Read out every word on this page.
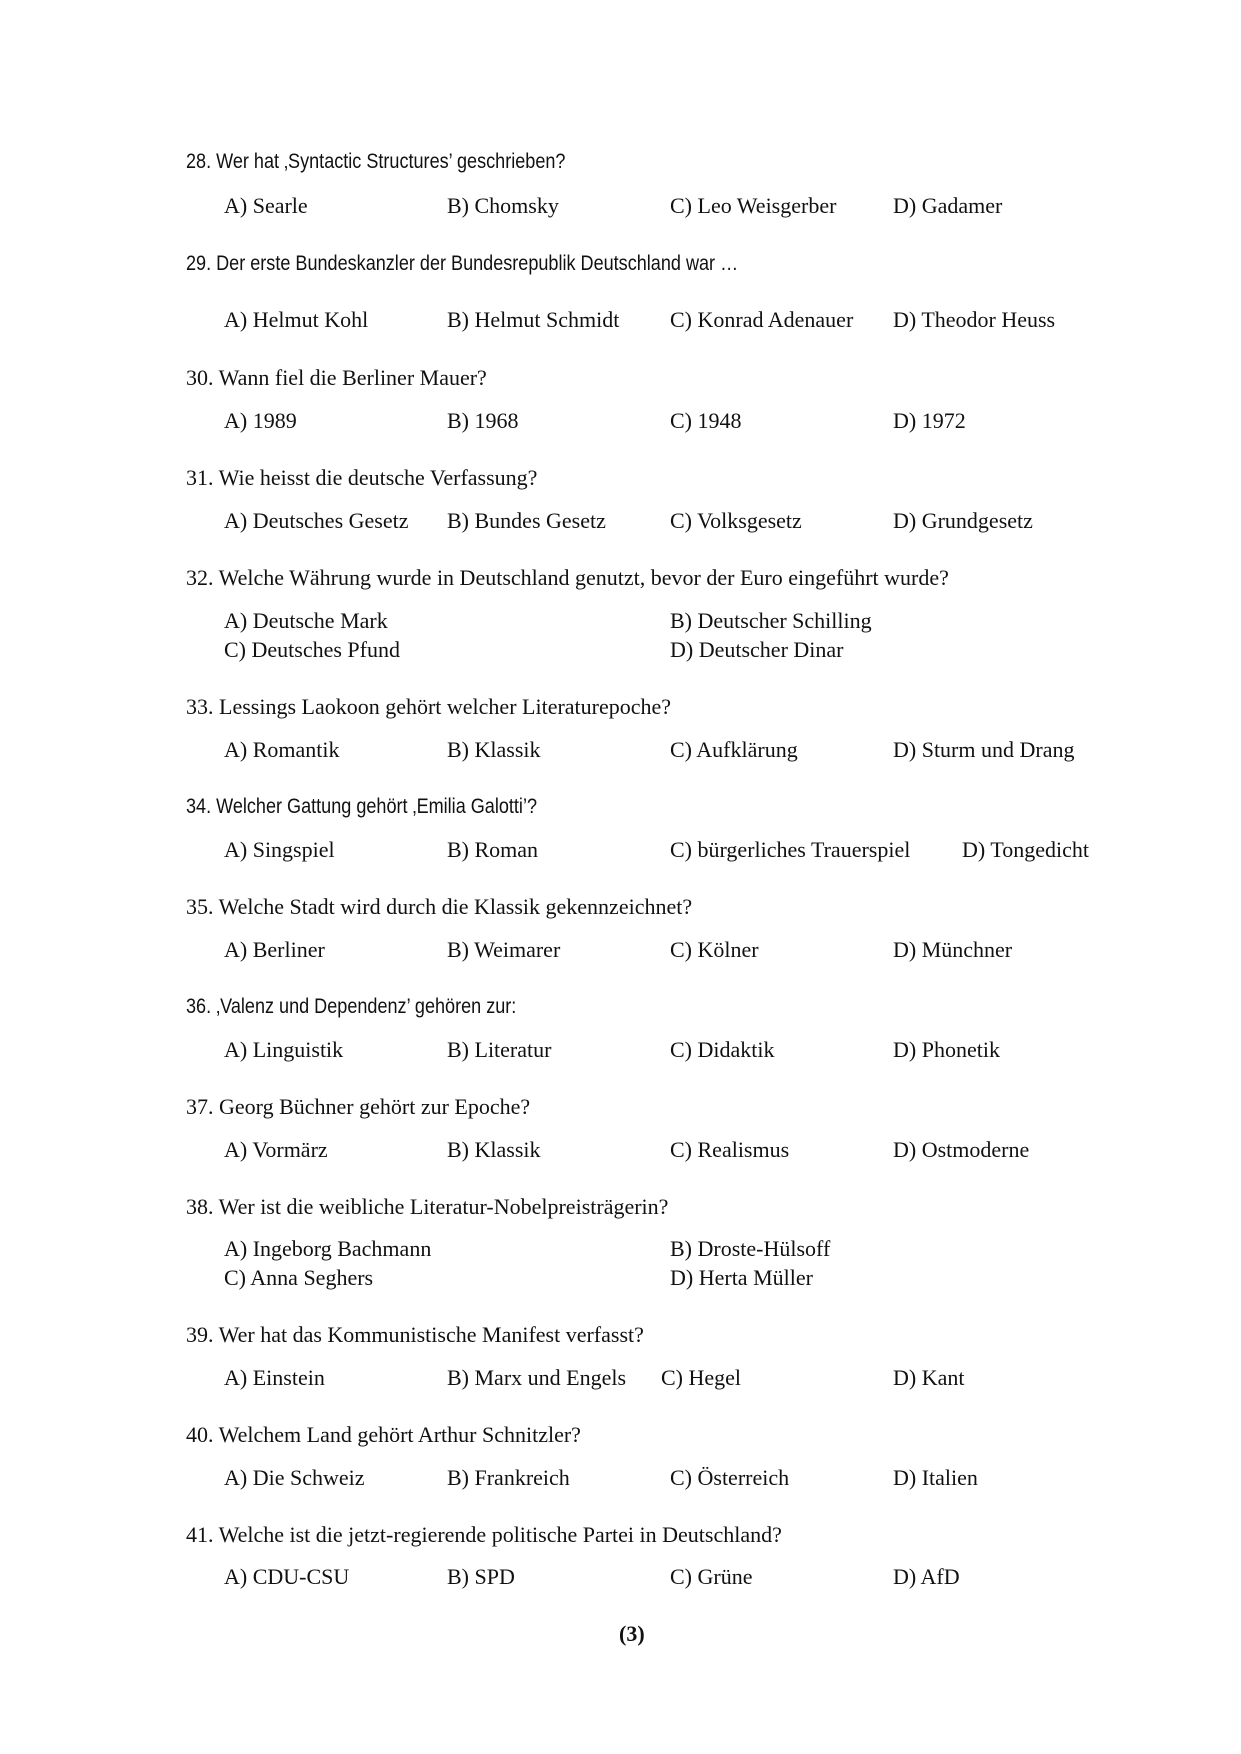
28. Wer hat ‚Syntactic Structures’ geschrieben?

A) Searle	B) Chomsky	C) Leo Weisgerber	D) Gadamer

29. Der erste Bundeskanzler der Bundesrepublik Deutschland war …

A) Helmut Kohl	B) Helmut Schmidt C) Konrad Adenauer D) Theodor Heuss

30. Wann fiel die Berliner Mauer?

A) 1989	B) 1968	C) 1948	D) 1972

31. Wie heisst die deutsche Verfassung?

A) Deutsches Gesetz B) Bundes Gesetz	C) Volksgesetz	D) Grundgesetz

32. Welche Währung wurde in Deutschland genutzt, bevor der Euro eingeführt wurde?

A) Deutsche Mark	B) Deutscher Schilling
C) Deutsches Pfund	D) Deutscher Dinar

33. Lessings Laokoon gehört welcher Literaturepoche?

A) Romantik	B) Klassik	C) Aufklärung	D) Sturm und Drang

34. Welcher Gattung gehört ‚Emilia Galotti’?

A) Singspiel	B) Roman	C) bürgerliches Trauerspiel D) Tongedicht

35. Welche Stadt wird durch die Klassik gekennzeichnet?

A) Berliner	B) Weimarer	C) Kölner	D) Münchner

36. ‚Valenz und Dependenz’ gehören zur:

A) Linguistik	B) Literatur	C) Didaktik	D) Phonetik

37. Georg Büchner gehört zur Epoche?

A) Vormärz	B) Klassik	C) Realismus	D) Ostmoderne

38. Wer ist die weibliche Literatur-Nobelpreisträgerin?

A) Ingeborg Bachmann	B) Droste-Hülsoff
C) Anna Seghers	D) Herta Müller

39. Wer hat das Kommunistische Manifest verfasst?

A) Einstein	B) Marx und Engels C) Hegel	D) Kant

40. Welchem Land gehört Arthur Schnitzler?

A) Die Schweiz	B) Frankreich	C) Österreich	D) Italien

41. Welche ist die jetzt-regierende politische Partei in Deutschland?

A) CDU-CSU	B) SPD	C) Grüne	D) AfD
(3)
